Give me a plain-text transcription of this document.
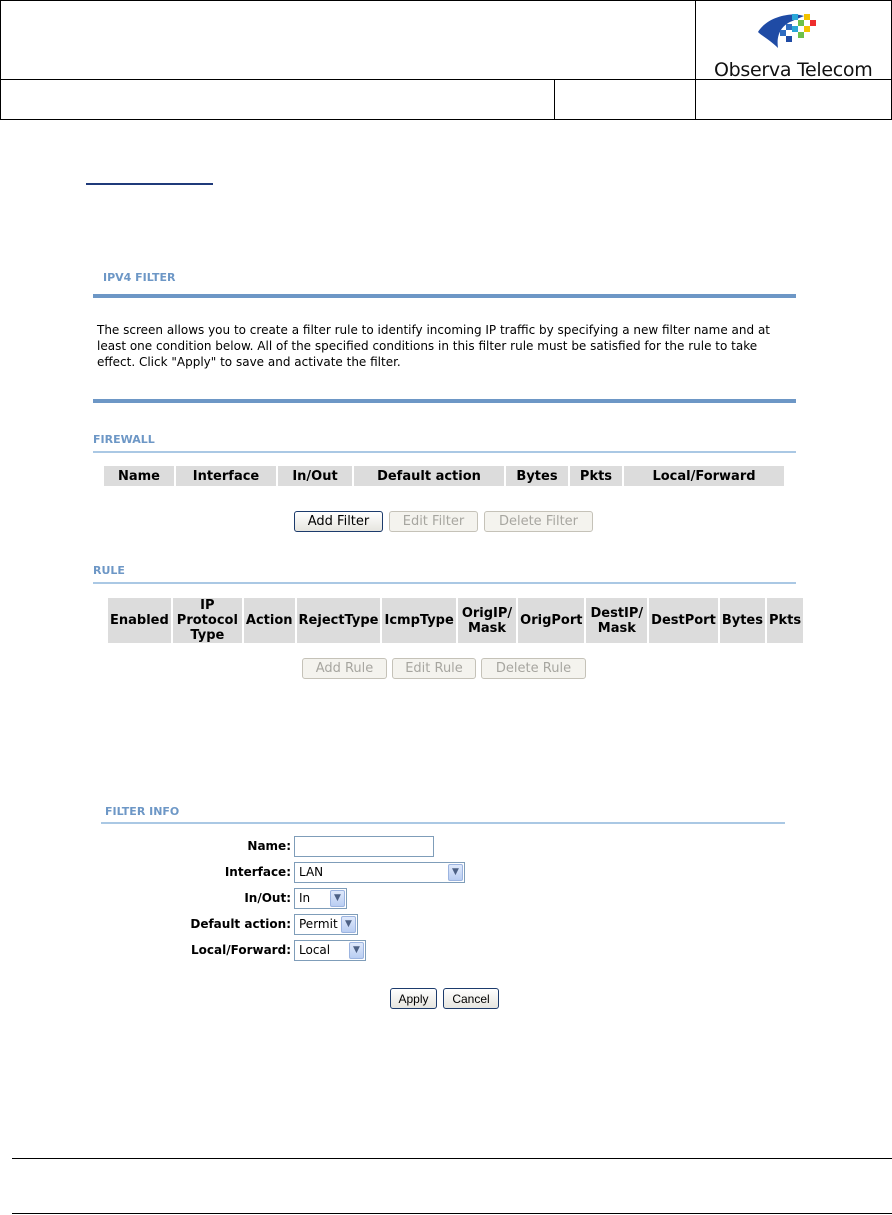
Observa Telecom
IPV4 FILTER
The screen allows you to create a filter rule to identify incoming IP traffic by specifying a new filter name and at least one condition below. All of the specified conditions in this filter rule must be satisfied for the rule to take effect. Click "Apply" to save and activate the filter.
FIREWALL
Name	Interface	In/Out	Default action	Bytes	Pkts	Local/Forward
Add Filter	Edit Filter	Delete Filter
RULE
Enabled	IP Protocol Type	Action	RejectType	IcmpType	OrigIP/ Mask	OrigPort	DestIP/ Mask	DestPort	Bytes	Pkts
Add Rule	Edit Rule	Delete Rule
FILTER INFO
Name:
Interface: LAN	▼
In/Out: In	▼
Default action: Permit ▼
Local/Forward: Local	▼
Apply	Cancel
